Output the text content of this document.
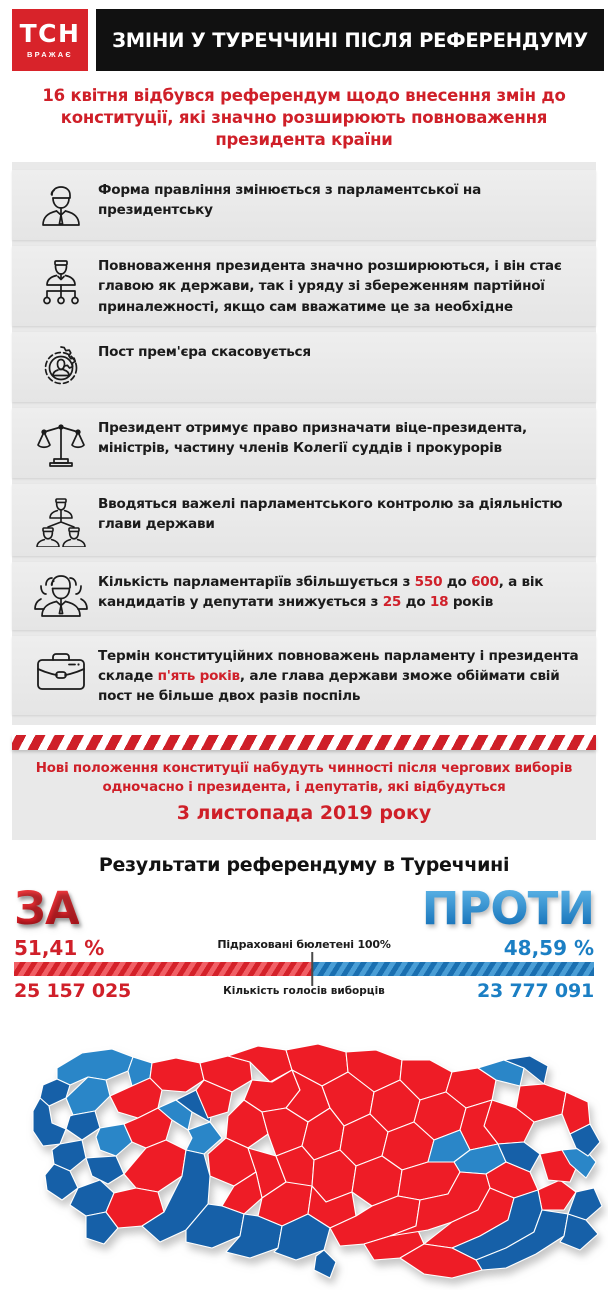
ТСН
ВРАЖАЄ
ЗМІНИ У ТУРЕЧЧИНІ ПІСЛЯ РЕФЕРЕНДУМУ
16 квітня відбувся референдум щодо внесення змін до конституції, які значно розширюють повноваження президента країни
Форма правління змінюється з парламентської на президентську
Повноваження президента значно розширюються, і він стає главою як держави, так і уряду зі збереженням партійної приналежності, якщо сам вважатиме це за необхідне
Пост прем'єра скасовується
Президент отримує право призначати віце-президента, міністрів, частину членів Колегії суддів і прокурорів
Вводяться важелі парламентського контролю за діяльністю глави держави
Кількість парламентаріїв збільшується з 550 до 600, а вік кандидатів у депутати знижується з 25 до 18 років
Термін конституційних повноважень парламенту і президента складе п'ять років, але глава держави зможе обіймати свій пост не більше двох разів поспіль
Нові положення конституції набудуть чинності після чергових виборів одночасно і президента, і депутатів, які відбудуться
3 листопада 2019 року
Результати референдуму в Туреччині
ЗА	ПРОТИ
51,41 %	48,59 %
Підраховані бюлетені 100%
25 157 025	23 777 091
Кількість голосів виборців
